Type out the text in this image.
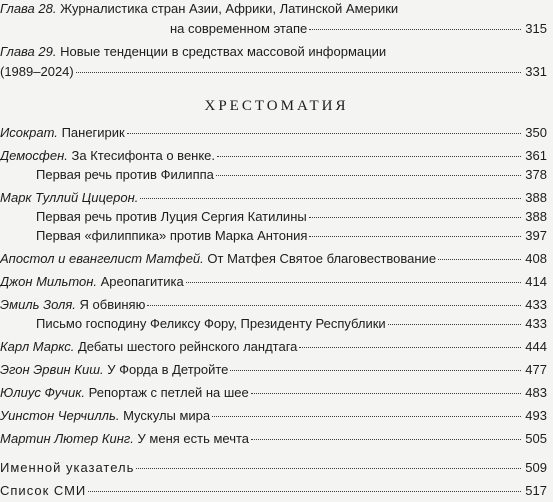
Глава 28. Журналистика стран Азии, Африки, Латинской Америки
на современном этапе	315
Глава 29. Новые тенденции в средствах массовой информации
(1989–2024)	331
ХРЕСТОМАТИЯ
Исократ. Панегирик	350
Демосфен. За Ктесифонта о венке.	361
Первая речь против Филиппа	378
Марк Туллий Цицерон.	388
Первая речь против Луция Сергия Катилины	388
Первая «филиппика» против Марка Антония	397
Апостол и евангелист Матфей. От Матфея Святое благовествование	408
Джон Мильтон. Ареопагитика	414
Эмиль Золя. Я обвиняю	433
Письмо господину Феликсу Фору, Президенту Республики	433
Карл Маркс. Дебаты шестого рейнского ландтага	444
Эгон Эрвин Киш. У Форда в Детройте	477
Юлиус Фучик. Репортаж с петлей на шее	483
Уинстон Черчилль. Мускулы мира	493
Мартин Лютер Кинг. У меня есть мечта	505
Именной указатель	509
Список СМИ	517
